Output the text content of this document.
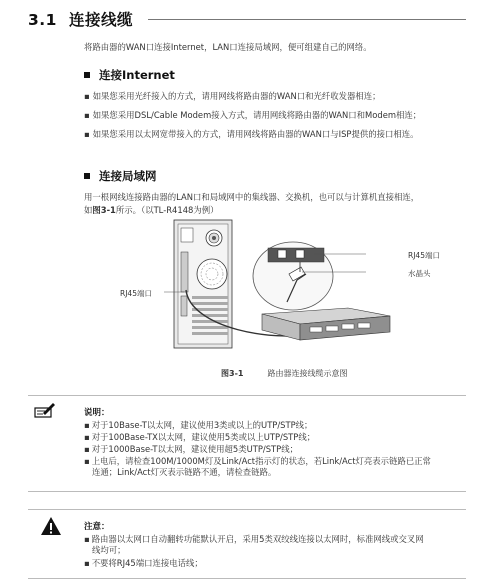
3.1 连接线缆
将路由器的WAN口连接Internet，LAN口连接局域网，便可组建自己的网络。
连接Internet
▪ 如果您采用光纤接入的方式，请用网线将路由器的WAN口和光纤收发器相连；
▪ 如果您采用DSL/Cable Modem接入方式，请用网线将路由器的WAN口和Modem相连；
▪ 如果您采用以太网宽带接入的方式，请用网线将路由器的WAN口与ISP提供的接口相连。
连接局域网
用一根网线连接路由器的LAN口和局域网中的集线器、交换机，也可以与计算机直接相连，
如图3-1所示。（以TL-R4148为例）
RJ45端口
水晶头
RJ45端口
图3-1	路由器连接线缆示意图
说明：
▪ 对于10Base-T以太网，建议使用3类或以上的UTP/STP线；
▪ 对于100Base-TX以太网，建议使用5类或以上UTP/STP线；
▪ 对于1000Base-T以太网，建议使用超5类UTP/STP线；
▪ 上电后，请检查100M/1000M灯及Link/Act指示灯的状态，若Link/Act灯亮表示链路已正常
连通；Link/Act灯灭表示链路不通，请检查链路。
注意：
▪ 路由器以太网口自动翻转功能默认开启，采用5类双绞线连接以太网时，标准网线或交叉网
线均可；
▪ 不要将RJ45端口连接电话线；
